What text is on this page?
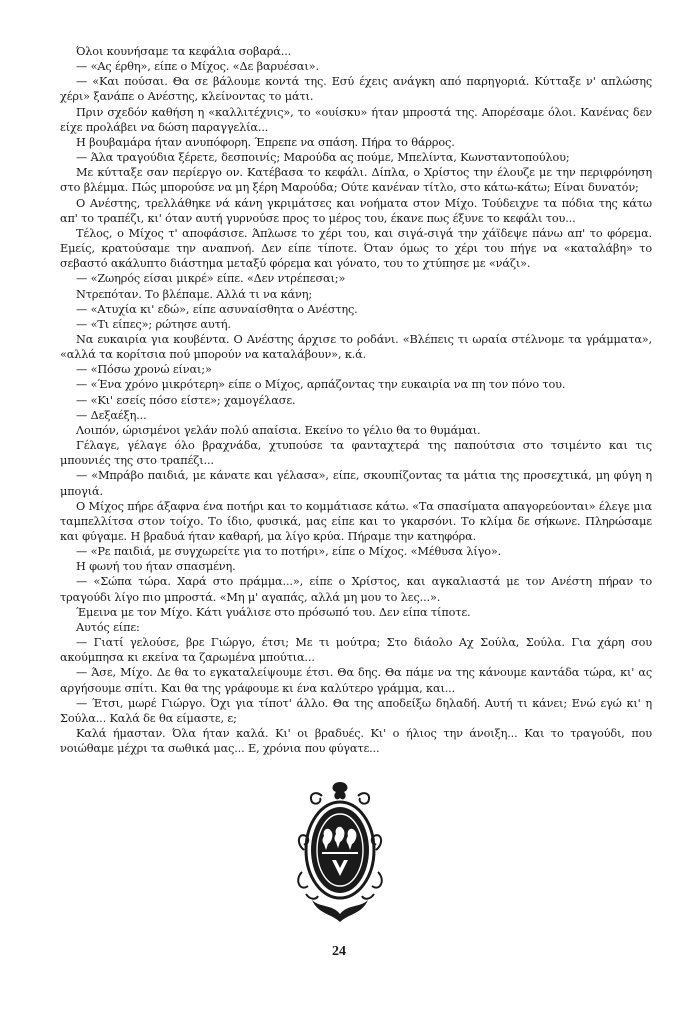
Όλοι κουνήσαμε τα κεφάλια σοβαρά...

— «Ας έρθη», είπε ο Μίχος. «Δε βαρυέσαι».

— «Και πούσαι. Θα σε βάλουμε κοντά της. Εσύ έχεις ανάγκη από παρηγοριά. Κύτταξε ν' απλώσης χέρι» ξανάπε ο Ανέστης, κλείνοντας το μάτι.

Πριν σχεδόν καθήση η «καλλιτέχνις», το «ουίσκυ» ήταν μπροστά της. Απορέσαμε όλοι. Κανένας δεν είχε προλάβει να δώση παραγγελία...

Η βουβαμάρα ήταν ανυπόφορη. Έπρεπε να σπάση. Πήρα το θάρρος.

— Άλα τραγούδια ξέρετε, δεσποινίς; Μαρούδα ας πούμε, Μπελίντα, Κωνσταντοπούλου;

Με κύτταξε σαν περίεργο ον. Κατέβασα το κεφάλι. Δίπλα, ο Χρίστος την έλουζε με την περιφρόνηση στο βλέμμα. Πώς μπορούσε να μη ξέρη Μαρούδα; Ούτε κανέναν τίτλο, στο κάτω-κάτω; Είναι δυνατόν;

Ο Ανέστης, τρελλάθηκε νά κάνη γκριμάτσες και νοήματα στον Μίχο. Τούδειχνε τα πόδια της κάτω απ' το τραπέζι, κι' όταν αυτή γυρνούσε προς το μέρος του, έκανε πως έξυνε το κεφάλι του...

Τέλος, ο Μίχος τ' αποφάσισε. Άπλωσε το χέρι του, και σιγά-σιγά την χάϊδεψε πάνω απ' το φόρεμα. Εμείς, κρατούσαμε την αναπνοή. Δεν είπε τίποτε. Όταν όμως το χέρι του πήγε να «καταλάβη» το σεβαστό ακάλυπτο διάστημα μεταξύ φόρεμα και γόνατο, του το χτύπησε με «νάζι».

— «Ζωηρός είσαι μικρέ» είπε. «Δεν ντρέπεσαι;»

Ντρεπόταν. Το βλέπαμε. Αλλά τι να κάνη;

— «Ατυχία κι' εδώ», είπε ασυναίσθητα ο Ανέστης.

— «Τι είπες»; ρώτησε αυτή.

Να ευκαιρία για κουβέντα. Ο Ανέστης άρχισε το ροδάνι. «Βλέπεις τι ωραία στέλνομε τα γράμματα», «αλλά τα κορίτσια πού μπορούν να καταλάβουν», κ.ά.

— «Πόσω χρονώ είναι;»

— «Ένα χρόνο μικρότερη» είπε ο Μίχος, αρπάζοντας την ευκαιρία να πη τον πόνο του.

— «Κι' εσείς πόσο είστε»; χαμογέλασε.

— Δεξαέξη...

Λοιπόν, ώρισμένοι γελάν πολύ απαίσια. Εκείνο το γέλιο θα το θυμάμαι.

Γέλαγε, γέλαγε όλο βραχνάδα, χτυπούσε τα φανταχτερά της παπούτσια στο τσιμέντο και τις μπουνιές της στο τραπέζι...

— «Μπράβο παιδιά, με κάνατε και γέλασα», είπε, σκουπίζοντας τα μάτια της προσεχτικά, μη φύγη η μπογιά.

Ο Μίχος πήρε άξαφνα ένα ποτήρι και το κομμάτιασε κάτω. «Τα σπασίματα απαγορεύονται» έλεγε μια ταμπελλίτσα στον τοίχο. Το ίδιο, φυσικά, μας είπε και το γκαρσόνι. Το κλίμα δε σήκωνε. Πληρώσαμε και φύγαμε. Η βραδυά ήταν καθαρή, μα λίγο κρύα. Πήραμε την κατηφόρα.

— «Ρε παιδιά, με συγχωρείτε για το ποτήρι», είπε ο Μίχος. «Μέθυσα λίγο».

Η φωνή του ήταν σπασμένη.

— «Σώπα τώρα. Χαρά στο πράμμα...», είπε ο Χρίστος, και αγκαλιαστά με τον Ανέστη πήραν το τραγούδι λίγο πιο μπροστά. «Μη μ' αγαπάς, αλλά μη μου το λες...».

Έμεινα με τον Μίχο. Κάτι γυάλισε στο πρόσωπό του. Δεν είπα τίποτε.

Αυτός είπε:

— Γιατί γελούσε, βρε Γιώργο, έτσι; Με τι μούτρα; Στο διάολο Αχ Σούλα, Σούλα. Για χάρη σου ακούμπησα κι εκείνα τα ζαρωμένα μπούτια...

— Άσε, Μίχο. Δε θα το εγκαταλείψουμε έτσι. Θα δης. Θα πάμε να της κάνουμε καντάδα τώρα, κι' ας αργήσουμε σπίτι. Και θα της γράφουμε κι ένα καλύτερο γράμμα, και...

— Έτσι, μωρέ Γιώργο. Όχι για τίποτ' άλλο. Θα της αποδείξω δηλαδή. Αυτή τι κάνει; Ενώ εγώ κι' η Σούλα... Καλά δε θα είμαστε, ε;

Καλά ήμασταν. Όλα ήταν καλά. Κι' οι βραδυές. Κι' ο ήλιος την άνοιξη... Και το τραγούδι, που νοιώθαμε μέχρι τα σωθικά μας... Ε, χρόνια που φύγατε...

24
